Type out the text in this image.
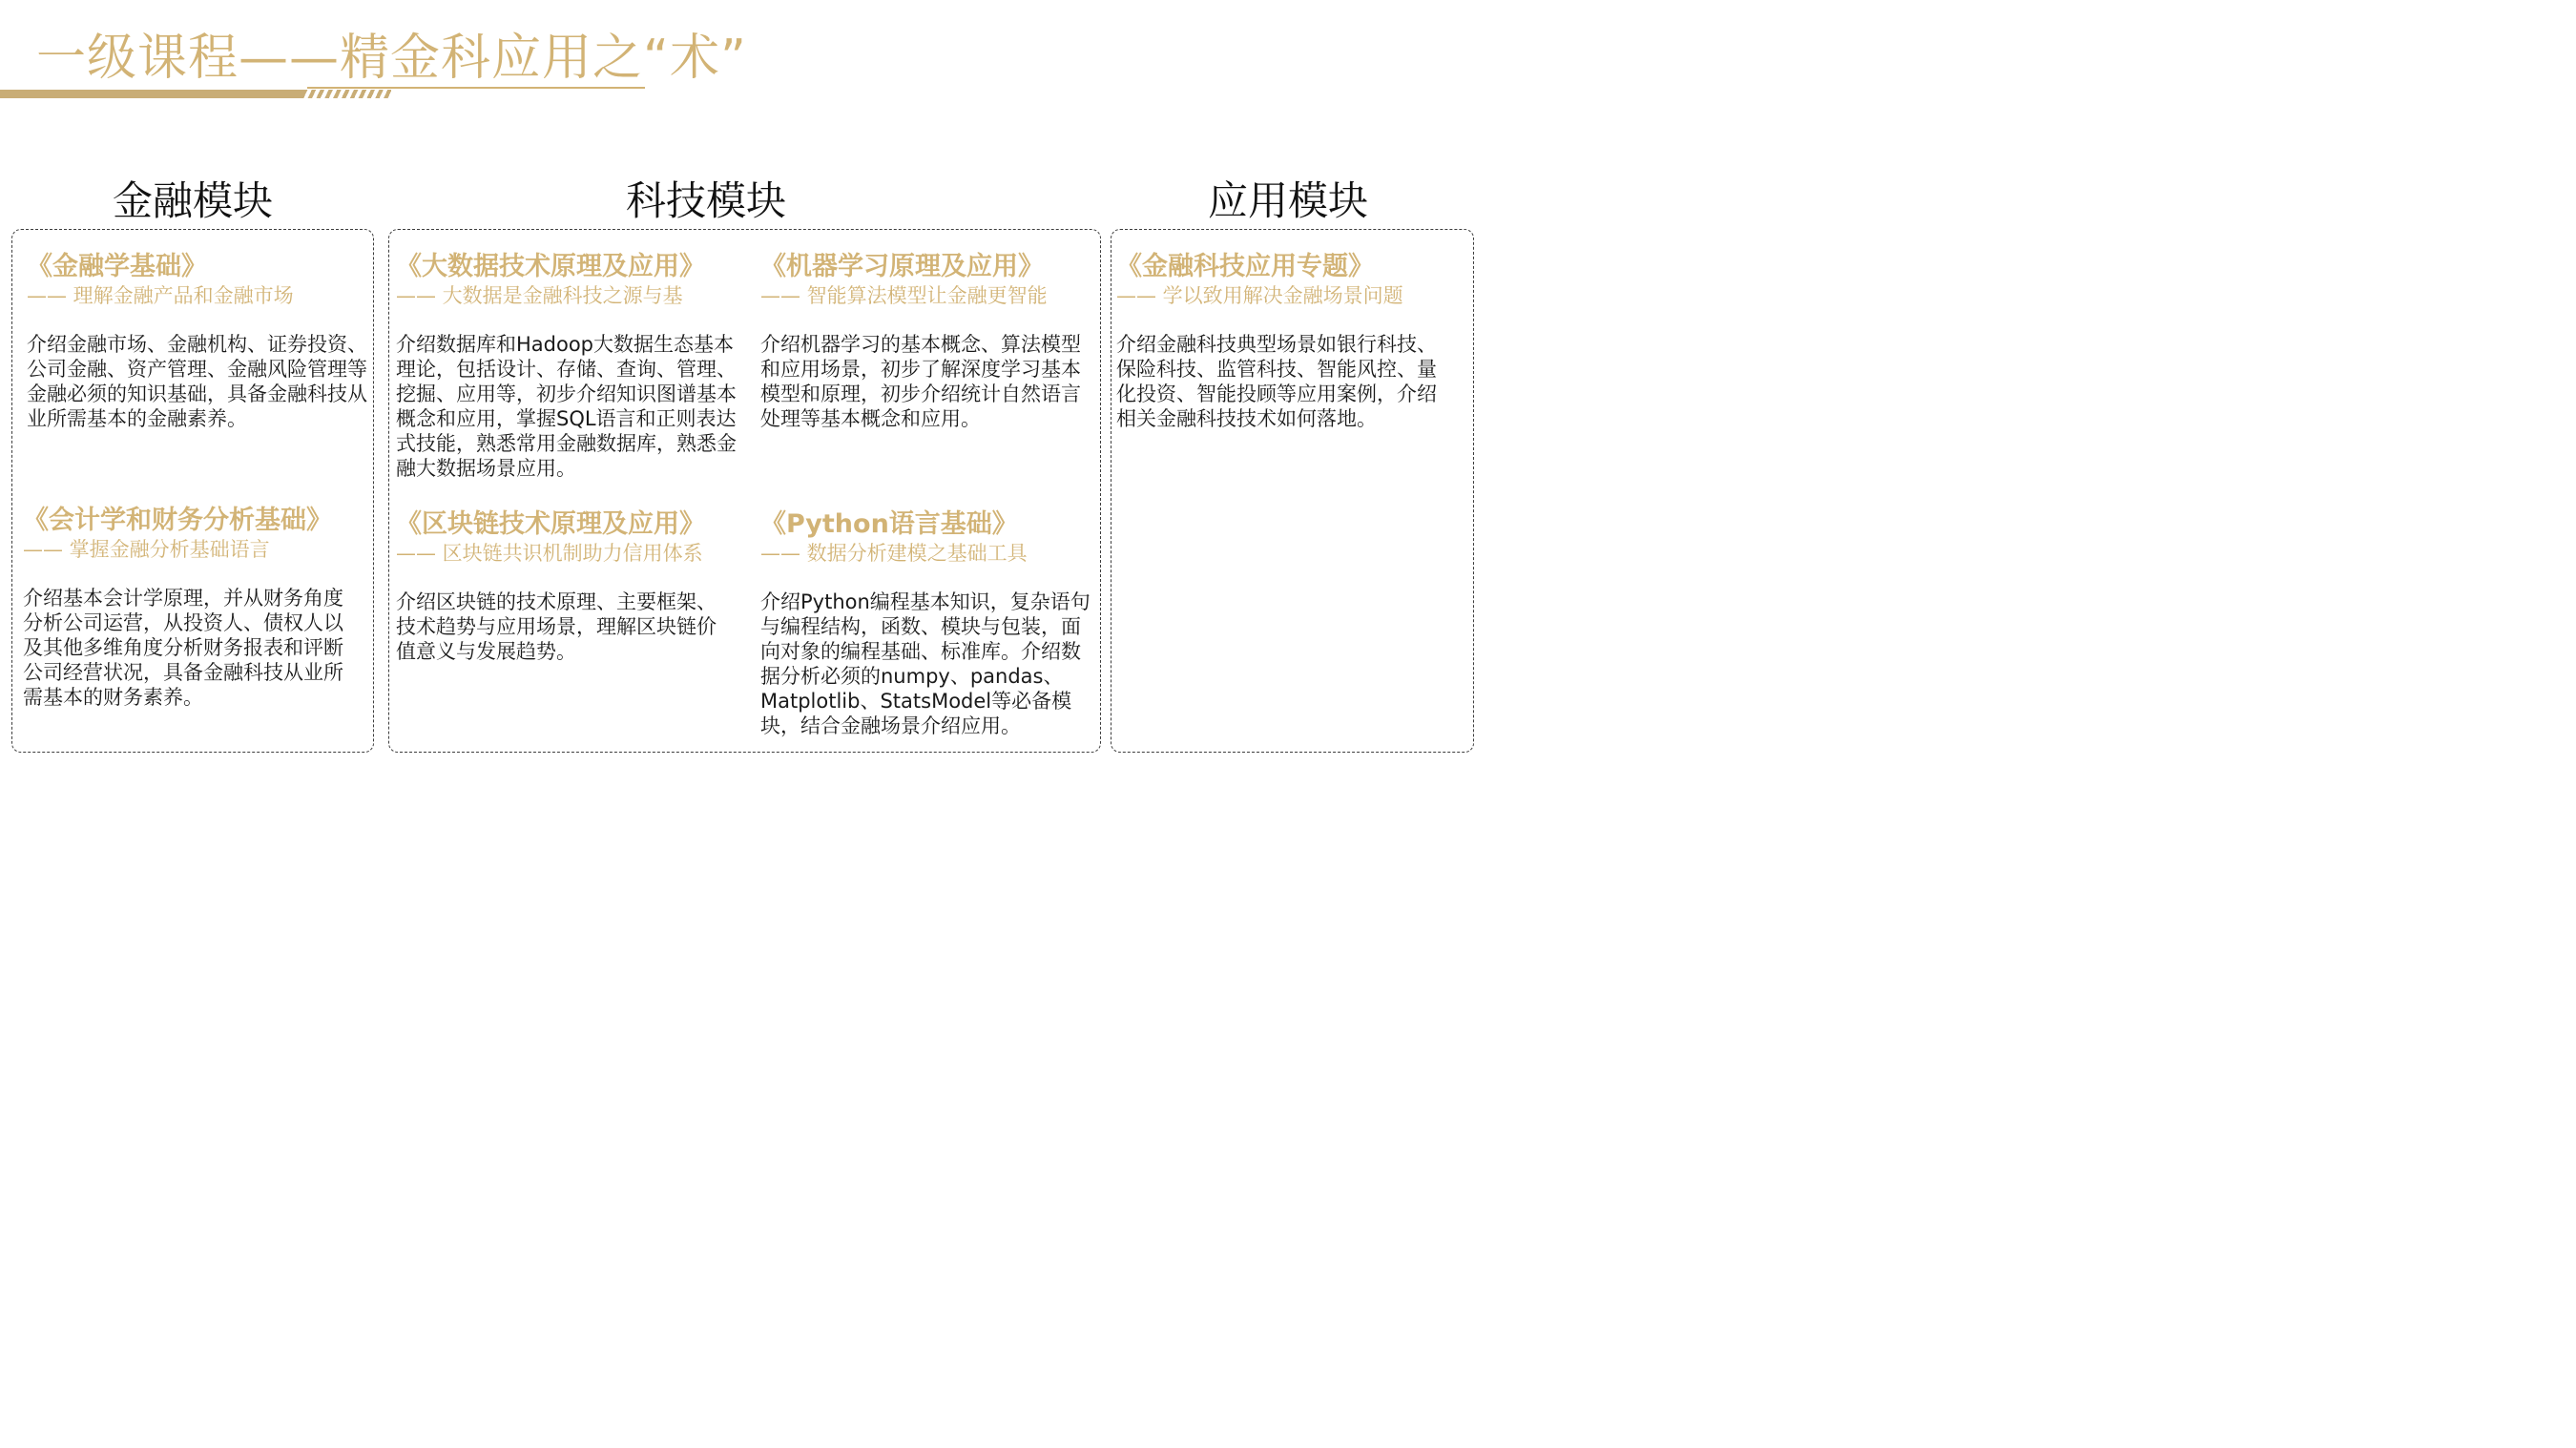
一级课程——精金科应用之“术”
金融模块	科技模块	应用模块

《金融学基础》

—— 理解金融产品和金融市场

介绍金融市场、金融机构、证券投资、公司金融、资产管理、金融风险管理等金融必须的知识基础，具备金融科技从业所需基本的金融素养。

《会计学和财务分析基础》

—— 掌握金融分析基础语言

介绍基本会计学原理，并从财务角度分析公司运营，从投资人、债权人以及其他多维角度分析财务报表和评断公司经营状况，具备金融科技从业所需基本的财务素养。

《大数据技术原理及应用》

—— 大数据是金融科技之源与基

介绍数据库和Hadoop大数据生态基本理论，包括设计、存储、查询、管理、挖掘、应用等，初步介绍知识图谱基本概念和应用，掌握SQL语言和正则表达式技能，熟悉常用金融数据库，熟悉金融大数据场景应用。

《机器学习原理及应用》

—— 智能算法模型让金融更智能

介绍机器学习的基本概念、算法模型和应用场景，初步了解深度学习基本模型和原理，初步介绍统计自然语言处理等基本概念和应用。

《区块链技术原理及应用》

—— 区块链共识机制助力信用体系

介绍区块链的技术原理、主要框架、技术趋势与应用场景，理解区块链价值意义与发展趋势。

《Python语言基础》

—— 数据分析建模之基础工具

介绍Python编程基本知识，复杂语句与编程结构，函数、模块与包装，面向对象的编程基础、标准库。介绍数据分析必须的numpy、pandas、Matplotlib、StatsModel等必备模块，结合金融场景介绍应用。

《金融科技应用专题》

—— 学以致用解决金融场景问题

介绍金融科技典型场景如银行科技、保险科技、监管科技、智能风控、量化投资、智能投顾等应用案例，介绍相关金融科技技术如何落地。
